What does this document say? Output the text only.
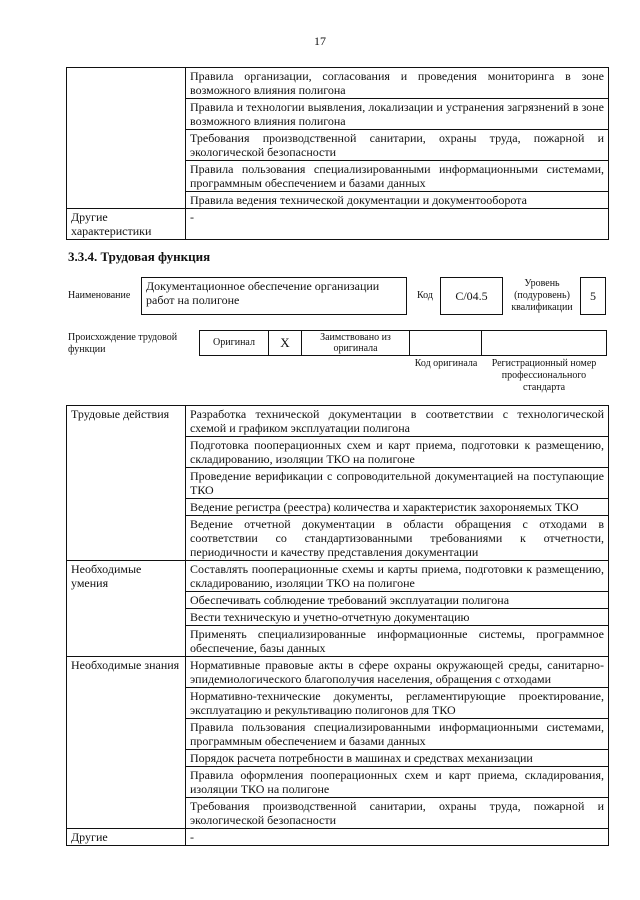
17
	Правила организации, согласования и проведения мониторинга в зоне возможного влияния полигона
	Правила и технологии выявления, локализации и устранения загрязнений в зоне возможного влияния полигона
	Требования производственной санитарии, охраны труда, пожарной и экологической безопасности
	Правила пользования специализированными информационными системами, программным обеспечением и базами данных
	Правила ведения технической документации и документооборота
Другие характеристики	-
3.3.4. Трудовая функция
Наименование
Документационное обеспечение организации работ на полигоне	Код	C/04.5
Уровень (подуровень) квалификации
5
Происхождение трудовой функции
Оригинал	X	Заимствовано из оригинала
Код оригинала	Регистрационный номер профессионального стандарта
Трудовые действия	Разработка технической документации в соответствии с технологической схемой и графиком эксплуатации полигона
	Подготовка пооперационных схем и карт приема, подготовки к размещению, складированию, изоляции ТКО на полигоне
	Проведение верификации с сопроводительной документацией на поступающие ТКО
	Ведение регистра (реестра) количества и характеристик захороняемых ТКО
	Ведение отчетной документации в области обращения с отходами в соответствии со стандартизованными требованиями к отчетности, периодичности и качеству представления документации
Необходимые умения	Составлять пооперационные схемы и карты приема, подготовки к размещению, складированию, изоляции ТКО на полигоне
	Обеспечивать соблюдение требований эксплуатации полигона
	Вести техническую и учетно-отчетную документацию
	Применять специализированные информационные системы, программное обеспечение, базы данных
Необходимые знания	Нормативные правовые акты в сфере охраны окружающей среды, санитарно-эпидемиологического благополучия населения, обращения с отходами
	Нормативно-технические документы, регламентирующие проектирование, эксплуатацию и рекультивацию полигонов для ТКО
	Правила пользования специализированными информационными системами, программным обеспечением и базами данных
	Порядок расчета потребности в машинах и средствах механизации
	Правила оформления пооперационных схем и карт приема, складирования, изоляции ТКО на полигоне
	Требования производственной санитарии, охраны труда, пожарной и экологической безопасности
Другие	-
